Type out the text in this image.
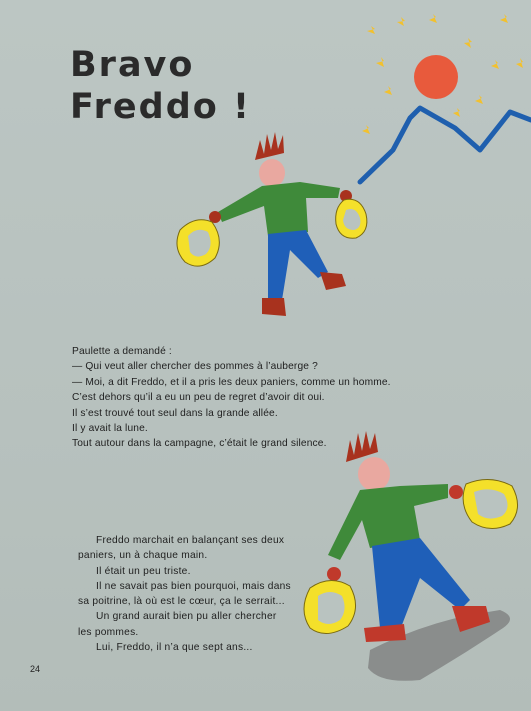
Bravo
Freddo !
Paulette a demandé :
— Qui veut aller chercher des pommes à l’auberge ?
— Moi, a dit Freddo, et il a pris les deux paniers, comme un homme.
C’est dehors qu’il a eu un peu de regret d’avoir dit oui.
Il s’est trouvé tout seul dans la grande allée.
Il y avait la lune.
Tout autour dans la campagne, c’était le grand silence.
Freddo marchait en balançant ses deux
paniers, un à chaque main.
Il était un peu triste.
Il ne savait pas bien pourquoi, mais dans
sa poitrine, là où est le cœur, ça le serrait...
Un grand aurait bien pu aller chercher
les pommes.
Lui, Freddo, il n’a que sept ans...
24
